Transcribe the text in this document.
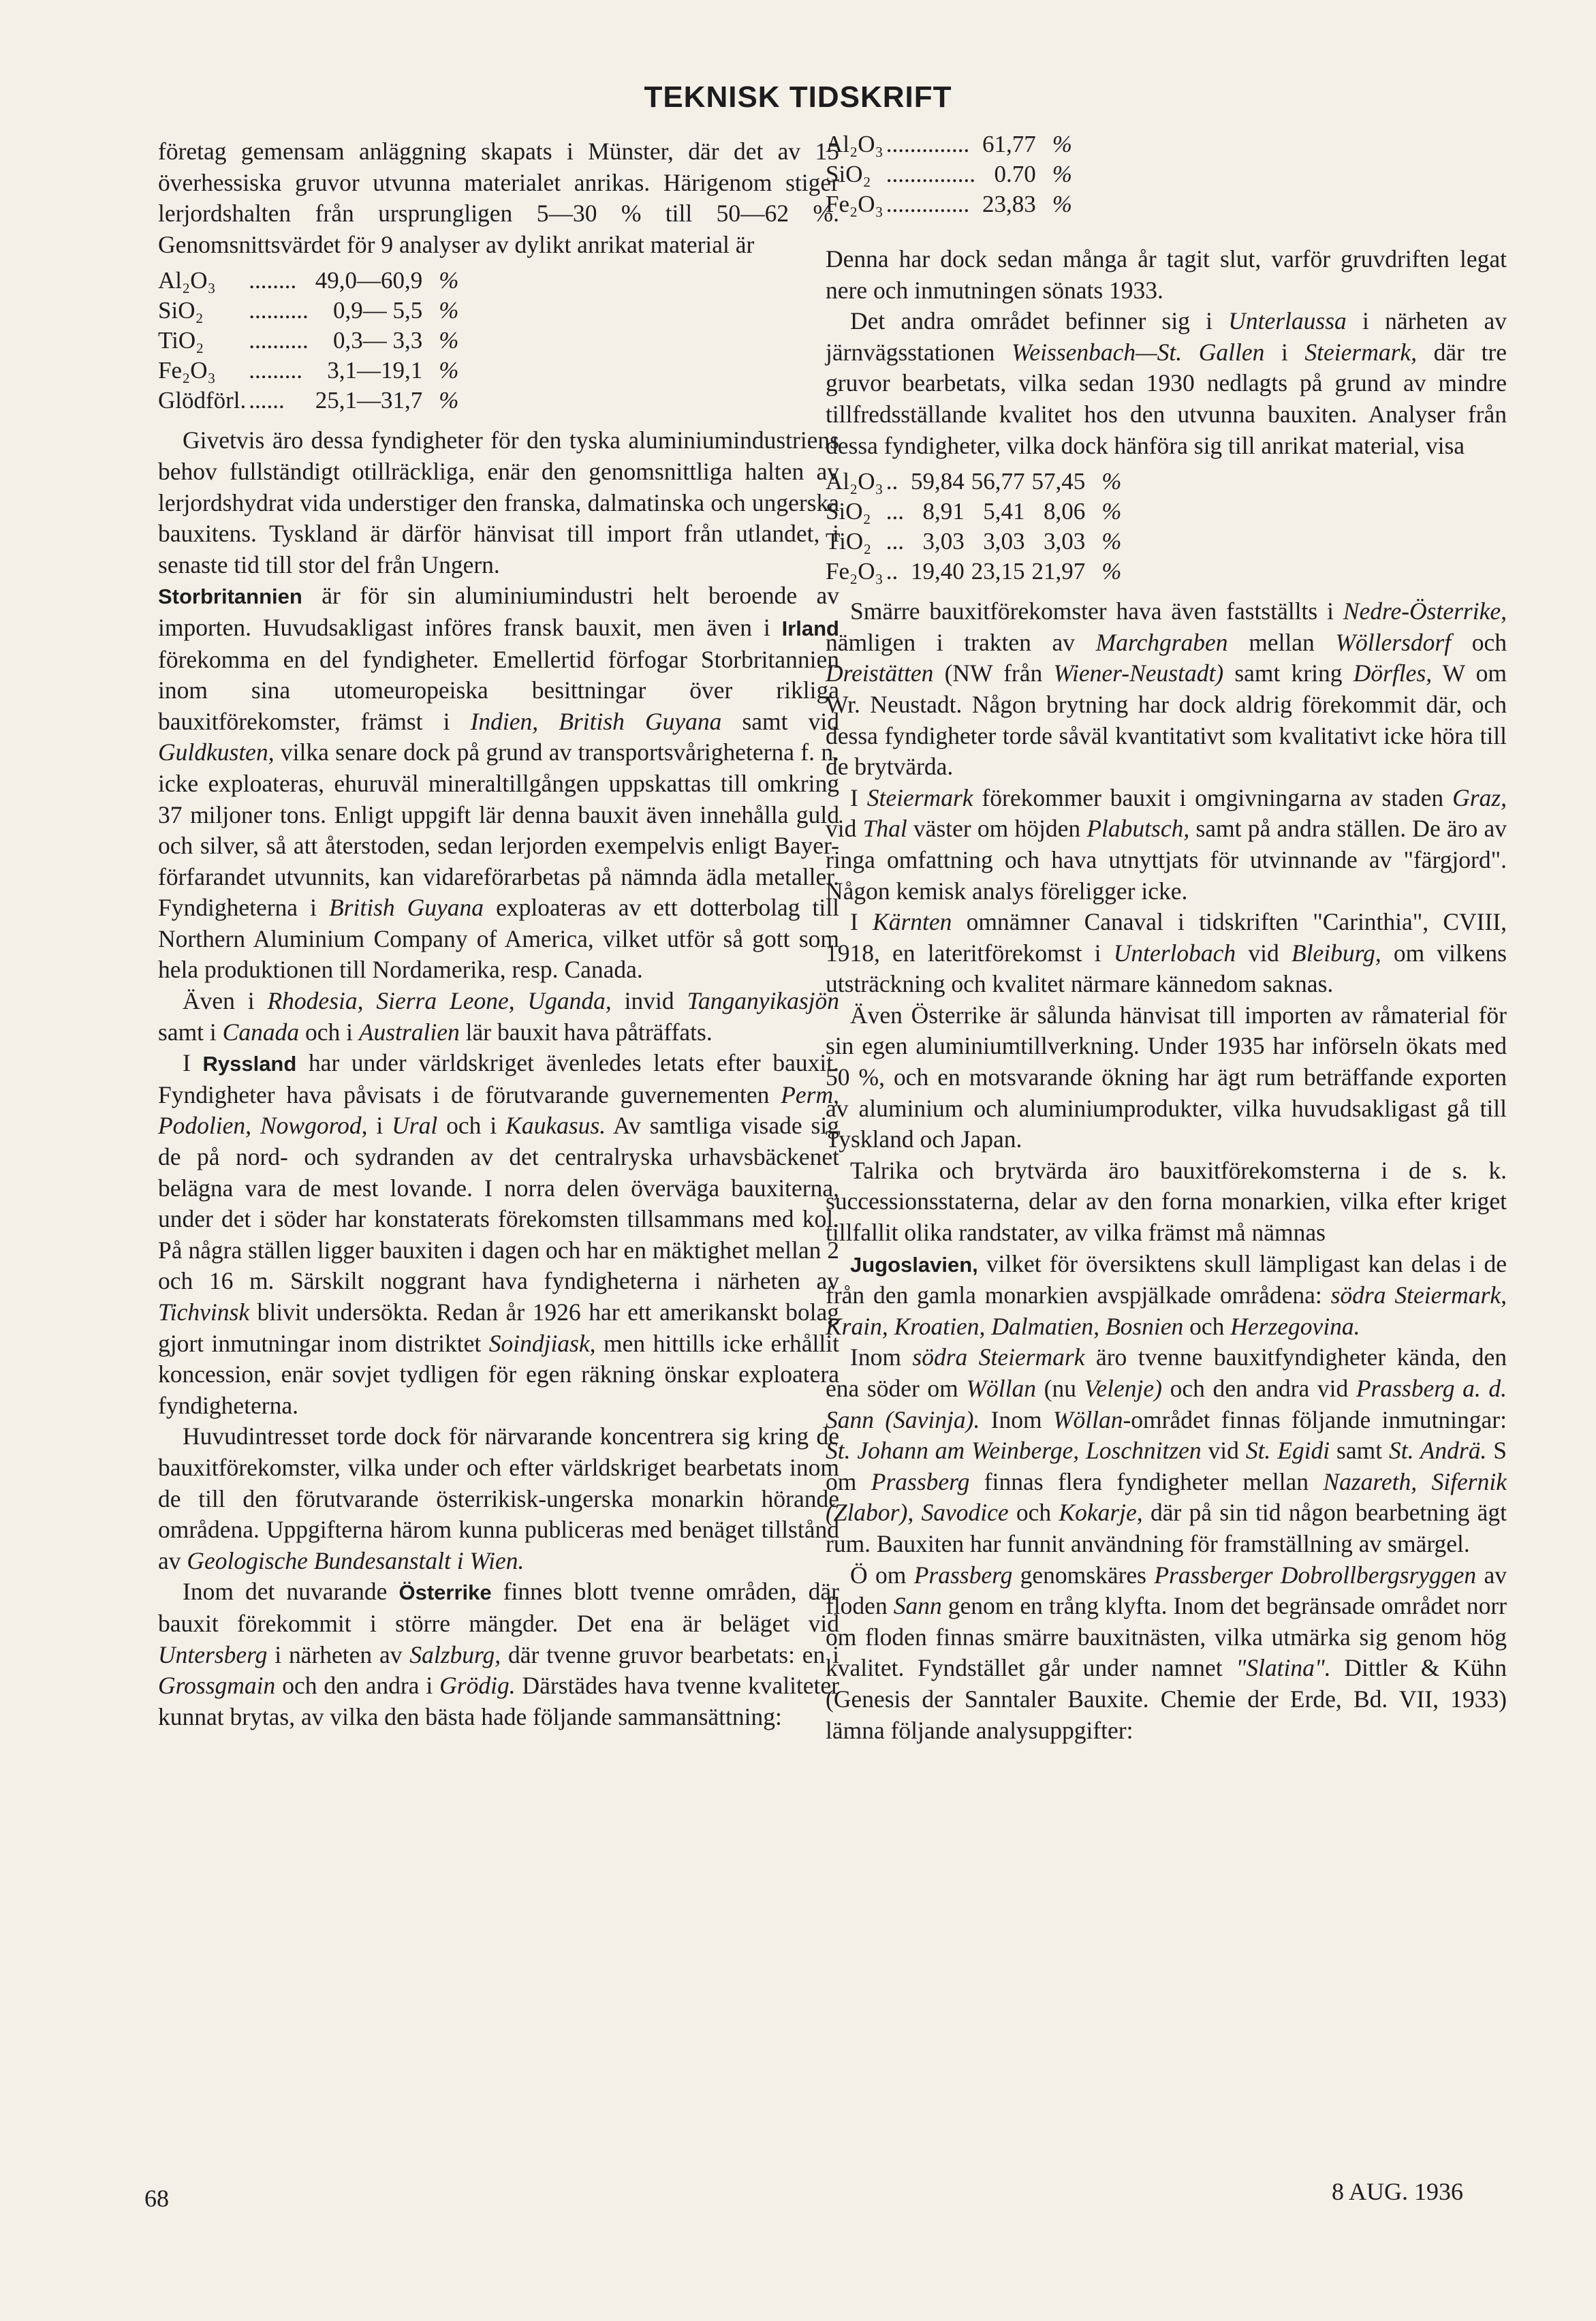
TEKNISK TIDSKRIFT

företag gemensam anläggning skapats i Münster, där det av 15 överhessiska gruvor utvunna materialet anrikas. Härigenom stiger lerjordshalten från ursprungligen 5—30 % till 50—62 %. Genomsnittsvärdet för 9 analyser av dylikt anrikat material är

Al₂O₃	........	49,0—60,9	%
SiO₂	..........	0,9— 5,5	%
TiO₂	..........	0,3— 3,3	%
Fe₂O₃	.........	3,1—19,1	%
Glödförl.	......	25,1—31,7	%

Givetvis äro dessa fyndigheter för den tyska aluminiumindustriens behov fullständigt otillräckliga, enär den genomsnittliga halten av lerjordshydrat vida understiger den franska, dalmatinska och ungerska bauxitens. Tyskland är därför hänvisat till import från utlandet, i senaste tid till stor del från Ungern.

Storbritannien är för sin aluminiumindustri helt beroende av importen. Huvudsakligast införes fransk bauxit, men även i Irland förekomma en del fyndigheter. Emellertid förfogar Storbritannien inom sina utomeuropeiska besittningar över rikliga bauxitförekomster, främst i Indien, British Guyana samt vid Guldkusten, vilka senare dock på grund av transportsvårigheterna f. n. icke exploateras, ehuruväl mineraltillgången uppskattas till omkring 37 miljoner tons. Enligt uppgift lär denna bauxit även innehålla guld och silver, så att återstoden, sedan lerjorden exempelvis enligt Bayer-förfarandet utvunnits, kan vidareförarbetas på nämnda ädla metaller. Fyndigheterna i British Guyana exploateras av ett dotterbolag till Northern Aluminium Company of America, vilket utför så gott som hela produktionen till Nordamerika, resp. Canada.

Även i Rhodesia, Sierra Leone, Uganda, invid Tanganyikasjön samt i Canada och i Australien lär bauxit hava påträffats.

I Ryssland har under världskriget ävenledes letats efter bauxit. Fyndigheter hava påvisats i de förutvarande guvernementen Perm, Podolien, Nowgorod, i Ural och i Kaukasus. Av samtliga visade sig de på nord- och sydranden av det centralryska urhavsbäckenet belägna vara de mest lovande. I norra delen överväga bauxiterna, under det i söder har konstaterats förekomsten tillsammans med kol. På några ställen ligger bauxiten i dagen och har en mäktighet mellan 2 och 16 m. Särskilt noggrant hava fyndigheterna i närheten av Tichvinsk blivit undersökta. Redan år 1926 har ett amerikanskt bolag gjort inmutningar inom distriktet Soindjiask, men hittills icke erhållit koncession, enär sovjet tydligen för egen räkning önskar exploatera fyndigheterna.

Huvudintresset torde dock för närvarande koncentrera sig kring de bauxitförekomster, vilka under och efter världskriget bearbetats inom de till den förutvarande österrikisk-ungerska monarkin hörande områdena. Uppgifterna härom kunna publiceras med benäget tillstånd av Geologische Bundesanstalt i Wien.

Inom det nuvarande Österrike finnes blott tvenne områden, där bauxit förekommit i större mängder. Det ena är beläget vid Untersberg i närheten av Salzburg, där tvenne gruvor bearbetats: en i Grossgmain och den andra i Grödig. Därstädes hava tvenne kvaliteter kunnat brytas, av vilka den bästa hade följande sammansättning:

Al₂O₃	..............	61,77	%
SiO₂	...............	0.70	%
Fe₂O₃	..............	23,83	%

Denna har dock sedan många år tagit slut, varför gruvdriften legat nere och inmutningen sönats 1933.

Det andra området befinner sig i Unterlaussa i närheten av järnvägsstationen Weissenbach—St. Gallen i Steiermark, där tre gruvor bearbetats, vilka sedan 1930 nedlagts på grund av mindre tillfredsställande kvalitet hos den utvunna bauxiten. Analyser från dessa fyndigheter, vilka dock hänföra sig till anrikat material, visa

Al₂O₃	..	59,84	56,77	57,45	%
SiO₂	...	8,91	5,41	8,06	%
TiO₂	...	3,03	3,03	3,03	%
Fe₂O₃	..	19,40	23,15	21,97	%

Smärre bauxitförekomster hava även fastställts i Nedre-Österrike, nämligen i trakten av Marchgraben mellan Wöllersdorf och Dreistätten (NW från Wiener-Neustadt) samt kring Dörfles, W om Wr. Neustadt. Någon brytning har dock aldrig förekommit där, och dessa fyndigheter torde såväl kvantitativt som kvalitativt icke höra till de brytvärda.

I Steiermark förekommer bauxit i omgivningarna av staden Graz, vid Thal väster om höjden Plabutsch, samt på andra ställen. De äro av ringa omfattning och hava utnyttjats för utvinnande av "färgjord". Någon kemisk analys föreligger icke.

I Kärnten omnämner Canaval i tidskriften "Carinthia", CVIII, 1918, en lateritförekomst i Unterlobach vid Bleiburg, om vilkens utsträckning och kvalitet närmare kännedom saknas.

Även Österrike är sålunda hänvisat till importen av råmaterial för sin egen aluminiumtillverkning. Under 1935 har införseln ökats med 50 %, och en motsvarande ökning har ägt rum beträffande exporten av aluminium och aluminiumprodukter, vilka huvudsakligast gå till Tyskland och Japan.

Talrika och brytvärda äro bauxitförekomsterna i de s. k. successionsstaterna, delar av den forna monarkien, vilka efter kriget tillfallit olika randstater, av vilka främst må nämnas

Jugoslavien, vilket för översiktens skull lämpligast kan delas i de från den gamla monarkien avspjälkade områdena: södra Steiermark, Krain, Kroatien, Dalmatien, Bosnien och Herzegovina.

Inom södra Steiermark äro tvenne bauxitfyndigheter kända, den ena söder om Wöllan (nu Velenje) och den andra vid Prassberg a. d. Sann (Savinja). Inom Wöllan-området finnas följande inmutningar: St. Johann am Weinberge, Loschnitzen vid St. Egidi samt St. Andrä. S om Prassberg finnas flera fyndigheter mellan Nazareth, Sifernik (Zlabor), Savodice och Kokarje, där på sin tid någon bearbetning ägt rum. Bauxiten har funnit användning för framställning av smärgel.

Ö om Prassberg genomskäres Prassberger Dobrollbergsryggen av floden Sann genom en trång klyfta. Inom det begränsade området norr om floden finnas smärre bauxitnästen, vilka utmärka sig genom hög kvalitet. Fyndstället går under namnet "Slatina". Dittler & Kühn (Genesis der Sanntaler Bauxite. Chemie der Erde, Bd. VII, 1933) lämna följande analysuppgifter:

68	8 AUG. 1936
